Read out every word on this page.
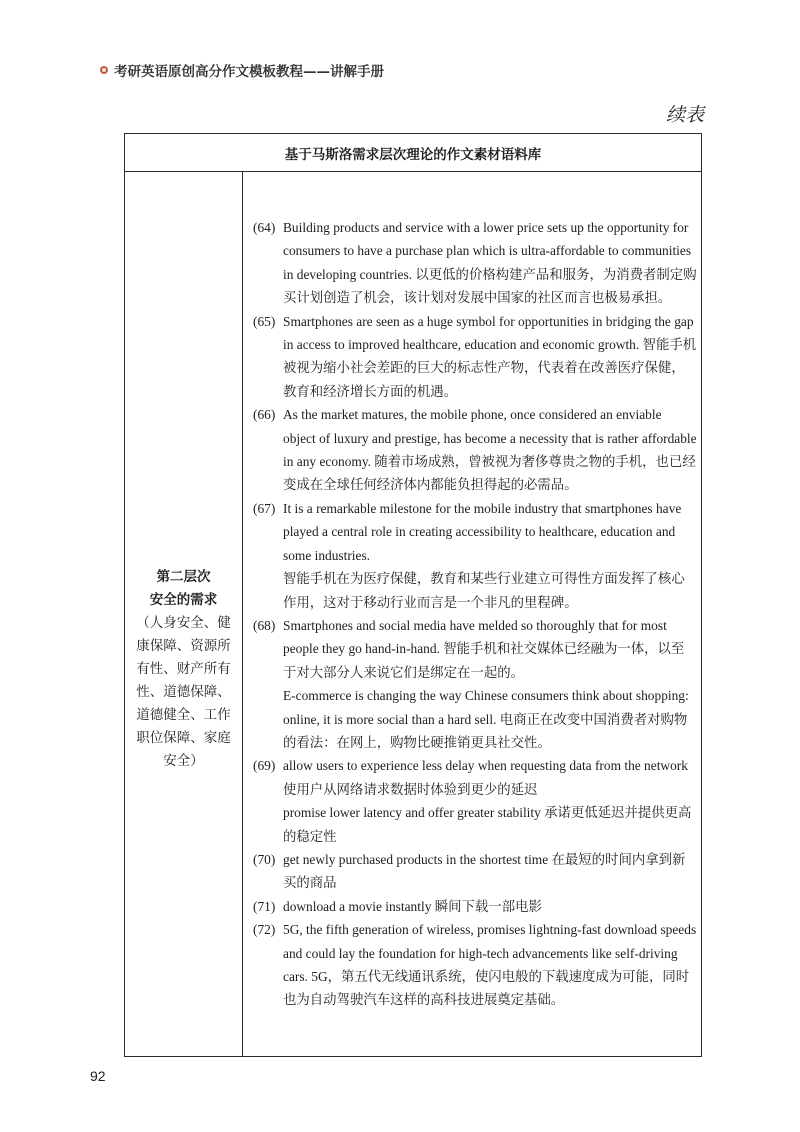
考研英语原创高分作文模板教程——讲解手册
续表
基于马斯洛需求层次理论的作文素材语料库
第二层次
安全的需求
（人身安全、健康保障、资源所有性、财产所有性、道德保障、道德健全、工作职位保障、家庭安全）
(64) Building products and service with a lower price sets up the opportunity for consumers to have a purchase plan which is ultra-affordable to communities in developing countries. 以更低的价格构建产品和服务，为消费者制定购买计划创造了机会，该计划对发展中国家的社区而言也极易承担。
(65) Smartphones are seen as a huge symbol for opportunities in bridging the gap in access to improved healthcare, education and economic growth. 智能手机被视为缩小社会差距的巨大的标志性产物，代表着在改善医疗保健，教育和经济增长方面的机遇。
(66) As the market matures, the mobile phone, once considered an enviable object of luxury and prestige, has become a necessity that is rather affordable in any economy. 随着市场成熟，曾被视为奢侈尊贵之物的手机，也已经变成在全球任何经济体内都能负担得起的必需品。
(67) It is a remarkable milestone for the mobile industry that smartphones have played a central role in creating accessibility to healthcare, education and some industries.
智能手机在为医疗保健，教育和某些行业建立可得性方面发挥了核心作用，这对于移动行业而言是一个非凡的里程碑。
(68) Smartphones and social media have melded so thoroughly that for most people they go hand-in-hand. 智能手机和社交媒体已经融为一体，以至于对大部分人来说它们是绑定在一起的。
E-commerce is changing the way Chinese consumers think about shopping: online, it is more social than a hard sell. 电商正在改变中国消费者对购物的看法：在网上，购物比硬推销更具社交性。
(69) allow users to experience less delay when requesting data from the network 使用户从网络请求数据时体验到更少的延迟
promise lower latency and offer greater stability 承诺更低延迟并提供更高的稳定性
(70) get newly purchased products in the shortest time 在最短的时间内拿到新买的商品
(71) download a movie instantly 瞬间下载一部电影
(72) 5G, the fifth generation of wireless, promises lightning-fast download speeds and could lay the foundation for high-tech advancements like self-driving cars. 5G，第五代无线通讯系统，使闪电般的下载速度成为可能，同时也为自动驾驶汽车这样的高科技进展奠定基础。
92
